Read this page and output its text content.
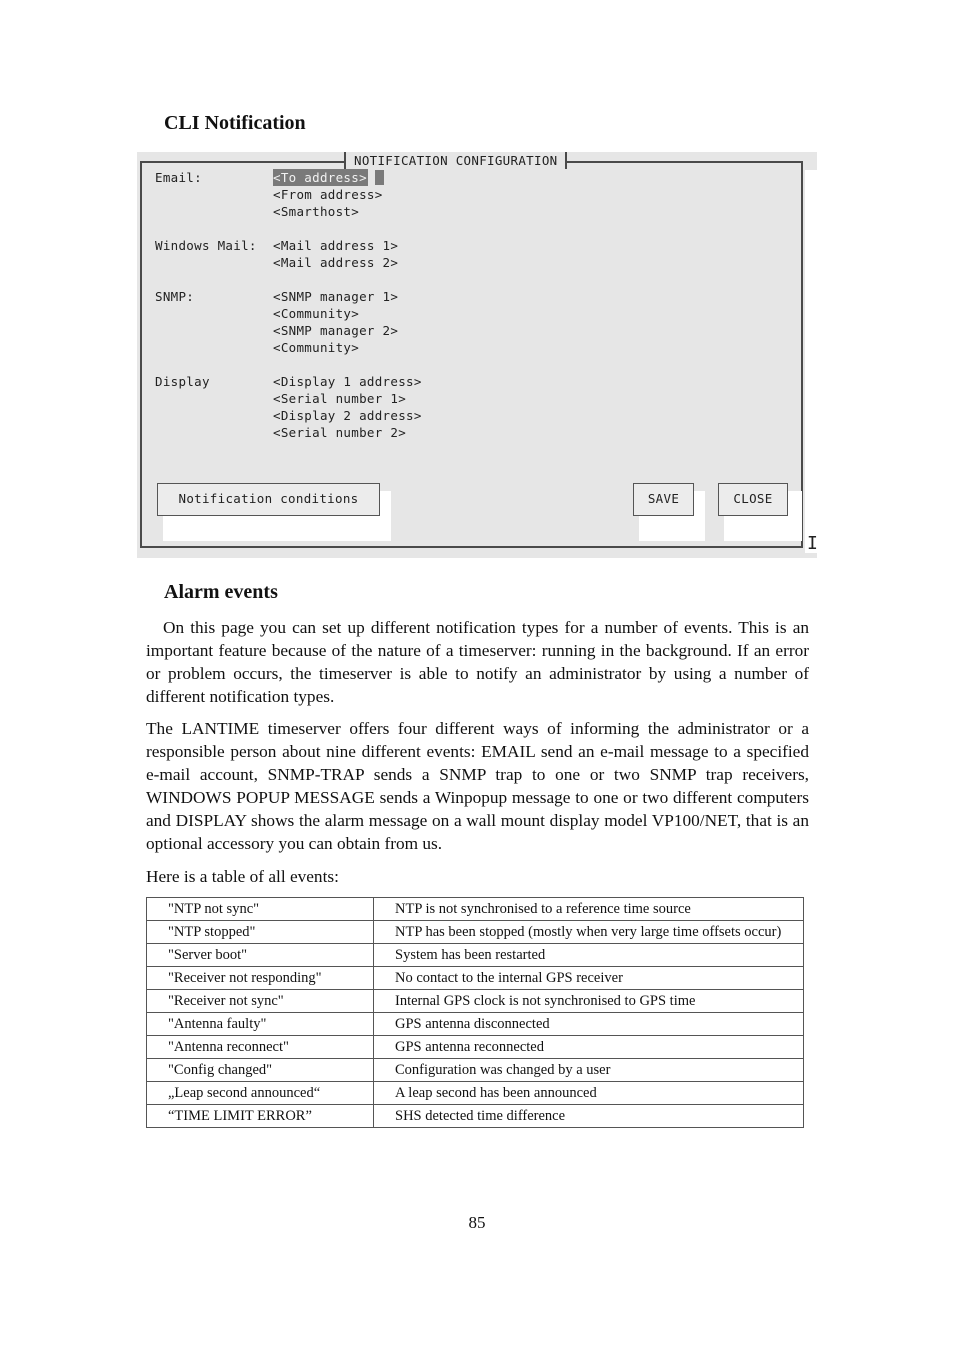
CLI Notification
NOTIFICATION CONFIGURATION
Email:	<To address>
<From address>
<Smarthost>
Windows Mail: <Mail address 1>
<Mail address 2>
SNMP:	<SNMP manager 1>
<Community>
<SNMP manager 2>
<Community>
Display	<Display 1 address>
<Serial number 1>
<Display 2 address>
<Serial number 2>
Notification conditions	SAVE	CLOSE
I
Alarm events

On this page you can set up different notification types for a number of events. This is an important feature because of the nature of a timeserver: running in the background. If an error or problem occurs, the timeserver is able to notify an administrator by using a number of different notification types.

The LANTIME timeserver offers four different ways of informing the administrator or a responsible person about nine different events: EMAIL send an e-mail message to a specified e-mail account, SNMP-TRAP sends a SNMP trap to one or two SNMP trap receivers, WINDOWS POPUP MESSAGE sends a Winpopup message to one or two different computers and DISPLAY shows the alarm message on a wall mount display model VP100/NET, that is an optional accessory you can obtain from us.

Here is a table of all events:

"NTP not sync"	NTP is not synchronised to a reference time source
"NTP stopped"	NTP has been stopped (mostly when very large time offsets occur)
"Server boot"	System has been restarted
"Receiver not responding"	No contact to the internal GPS receiver
"Receiver not sync"	Internal GPS clock is not synchronised to GPS time
"Antenna faulty"	GPS antenna disconnected
"Antenna reconnect"	GPS antenna reconnected
"Config changed"	Configuration was changed by a user
„Leap second announced“	A leap second has been announced
“TIME LIMIT ERROR”	SHS detected time difference
85
